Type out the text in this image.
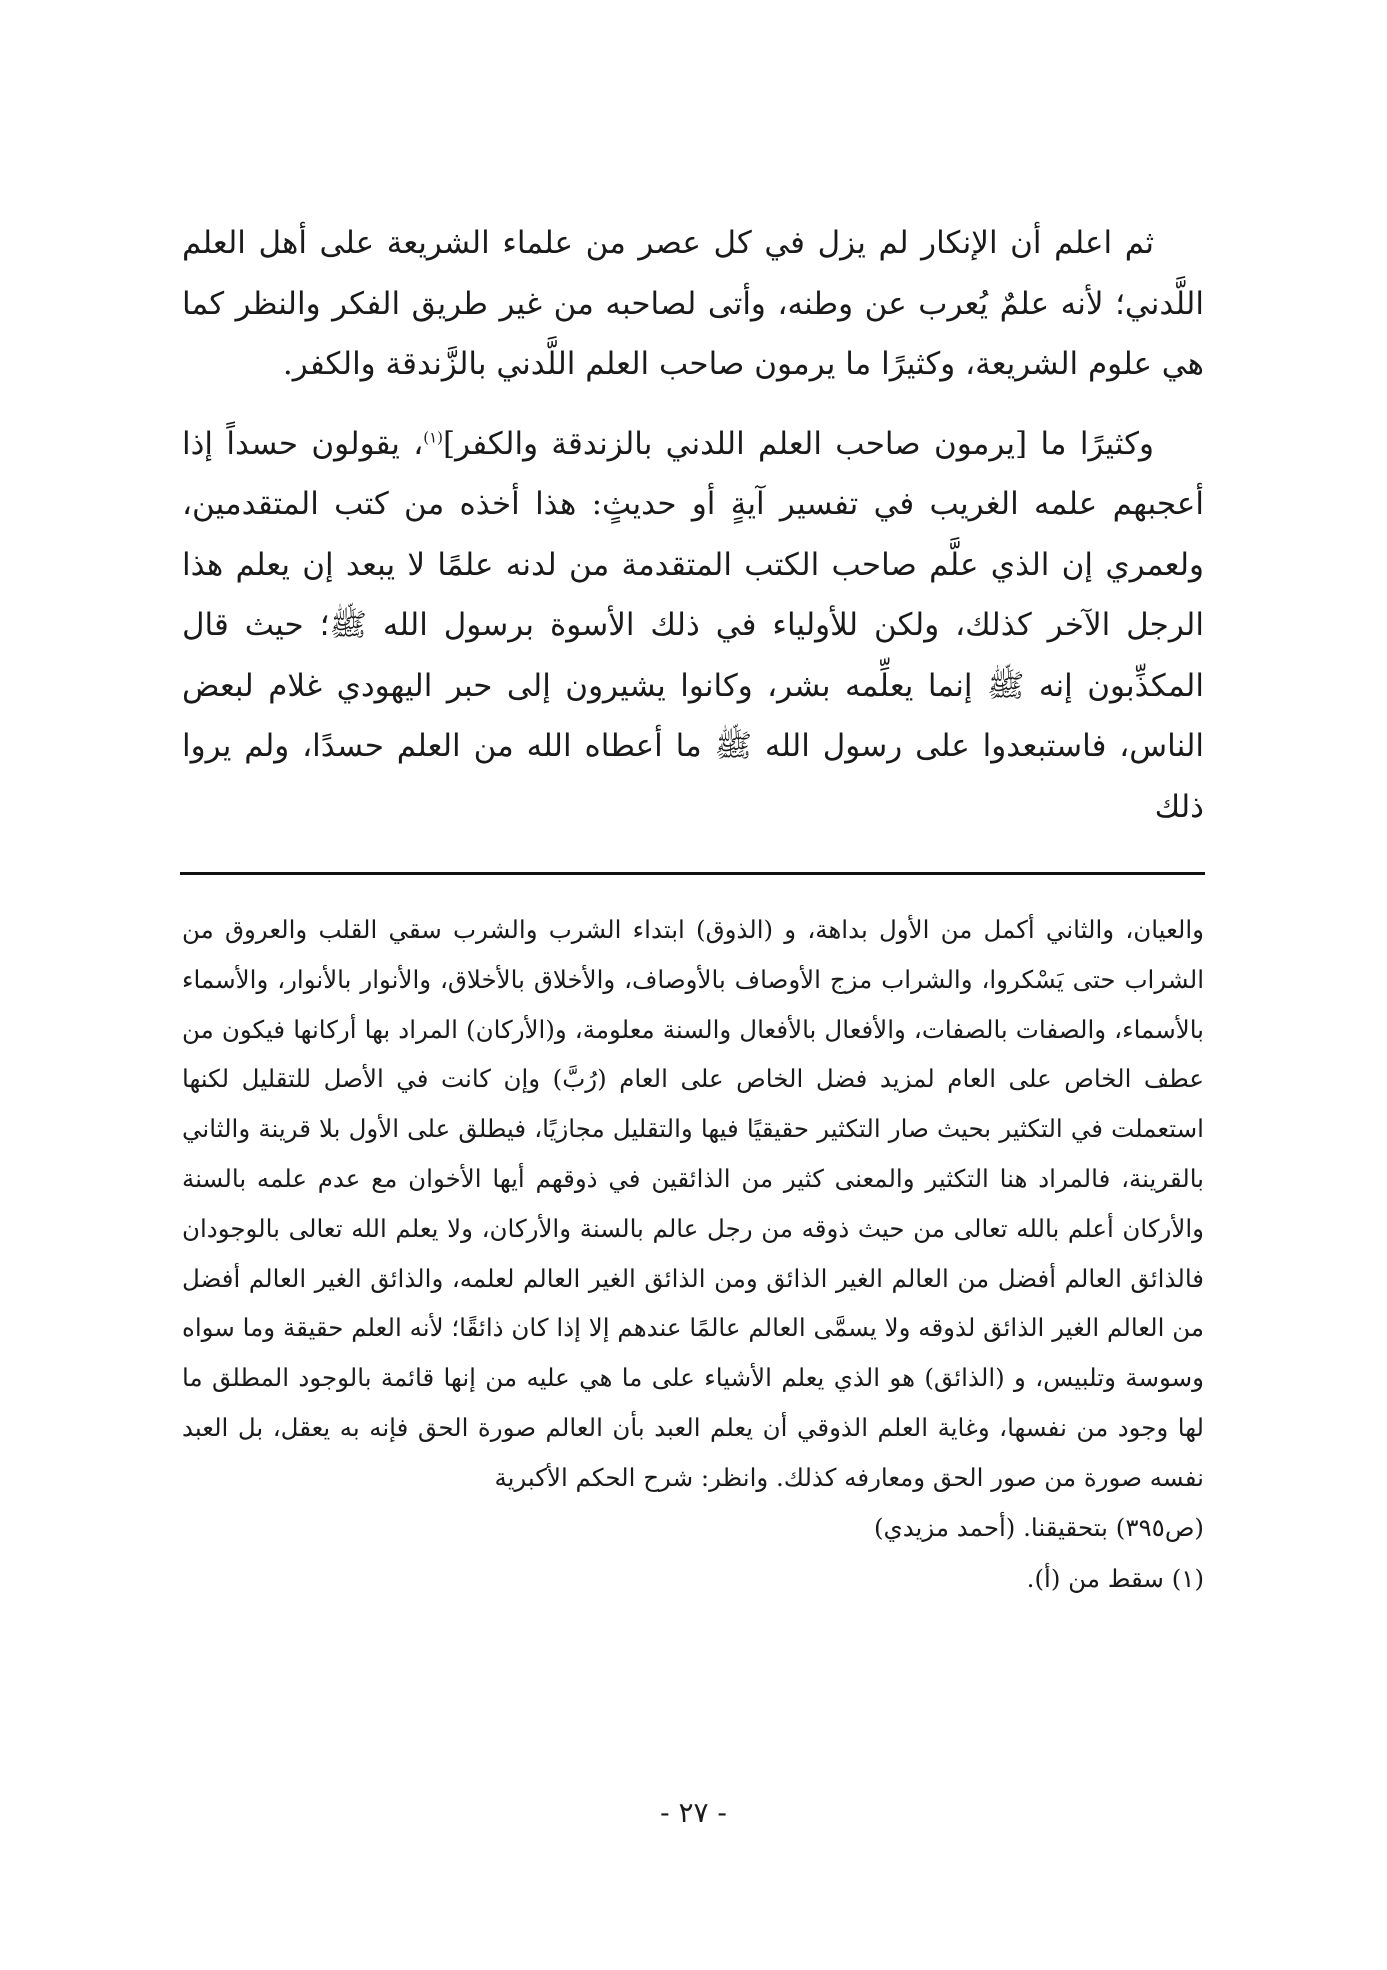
ثم اعلم أن الإنكار لم يزل في كل عصر من علماء الشريعة على أهل العلم اللَّدني؛ لأنه علمٌ يُعرب عن وطنه، وأتى لصاحبه من غير طريق الفكر والنظر كما هي علوم الشريعة، وكثيرًا ما يرمون صاحب العلم اللَّدني بالزَّندقة والكفر.

وكثيرًا ما [يرمون صاحب العلم اللدني بالزندقة والكفر]$^{(١)}$، يقولون حسداً إذا أعجبهم علمه الغريب في تفسير آيةٍ أو حديثٍ: هذا أخذه من كتب المتقدمين، ولعمري إن الذي علَّم صاحب الكتب المتقدمة من لدنه علمًا لا يبعد إن يعلم هذا الرجل الآخر كذلك، ولكن للأولياء في ذلك الأسوة برسول الله ﷺ؛ حيث قال المكذِّبون إنه ﷺ إنما يعلِّمه بشر، وكانوا يشيرون إلى حبر اليهودي غلام لبعض الناس، فاستبعدوا على رسول الله ﷺ ما أعطاه الله من العلم حسدًا، ولم يروا ذلك

والعيان، والثاني أكمل من الأول بداهة، و (الذوق) ابتداء الشرب والشرب سقي القلب والعروق من الشراب حتى يَسْكروا، والشراب مزج الأوصاف بالأوصاف، والأخلاق بالأخلاق، والأنوار بالأنوار، والأسماء بالأسماء، والصفات بالصفات، والأفعال بالأفعال والسنة معلومة، و(الأركان) المراد بها أركانها فيكون من عطف الخاص على العام لمزيد فضل الخاص على العام (رُبَّ) وإن كانت في الأصل للتقليل لكنها استعملت في التكثير بحيث صار التكثير حقيقيًا فيها والتقليل مجازيًا، فيطلق على الأول بلا قرينة والثاني بالقرينة، فالمراد هنا التكثير والمعنى كثير من الذائقين في ذوقهم أيها الأخوان مع عدم علمه بالسنة والأركان أعلم بالله تعالى من حيث ذوقه من رجل عالم بالسنة والأركان، ولا يعلم الله تعالى بالوجودان فالذائق العالم أفضل من العالم الغير الذائق ومن الذائق الغير العالم لعلمه، والذائق الغير العالم أفضل من العالم الغير الذائق لذوقه ولا يسمَّى العالم عالمًا عندهم إلا إذا كان ذائقًا؛ لأنه العلم حقيقة وما سواه وسوسة وتلبيس، و (الذائق) هو الذي يعلم الأشياء على ما هي عليه من إنها قائمة بالوجود المطلق ما لها وجود من نفسها، وغاية العلم الذوقي أن يعلم العبد بأن العالم صورة الحق فإنه به يعقل، بل العبد نفسه صورة من صور الحق ومعارفه كذلك. وانظر: شرح الحكم الأكبرية

(ص٣٩٥) بتحقيقنا. (أحمد مزيدي)

(١) سقط من (أ).

- ٢٧ -
